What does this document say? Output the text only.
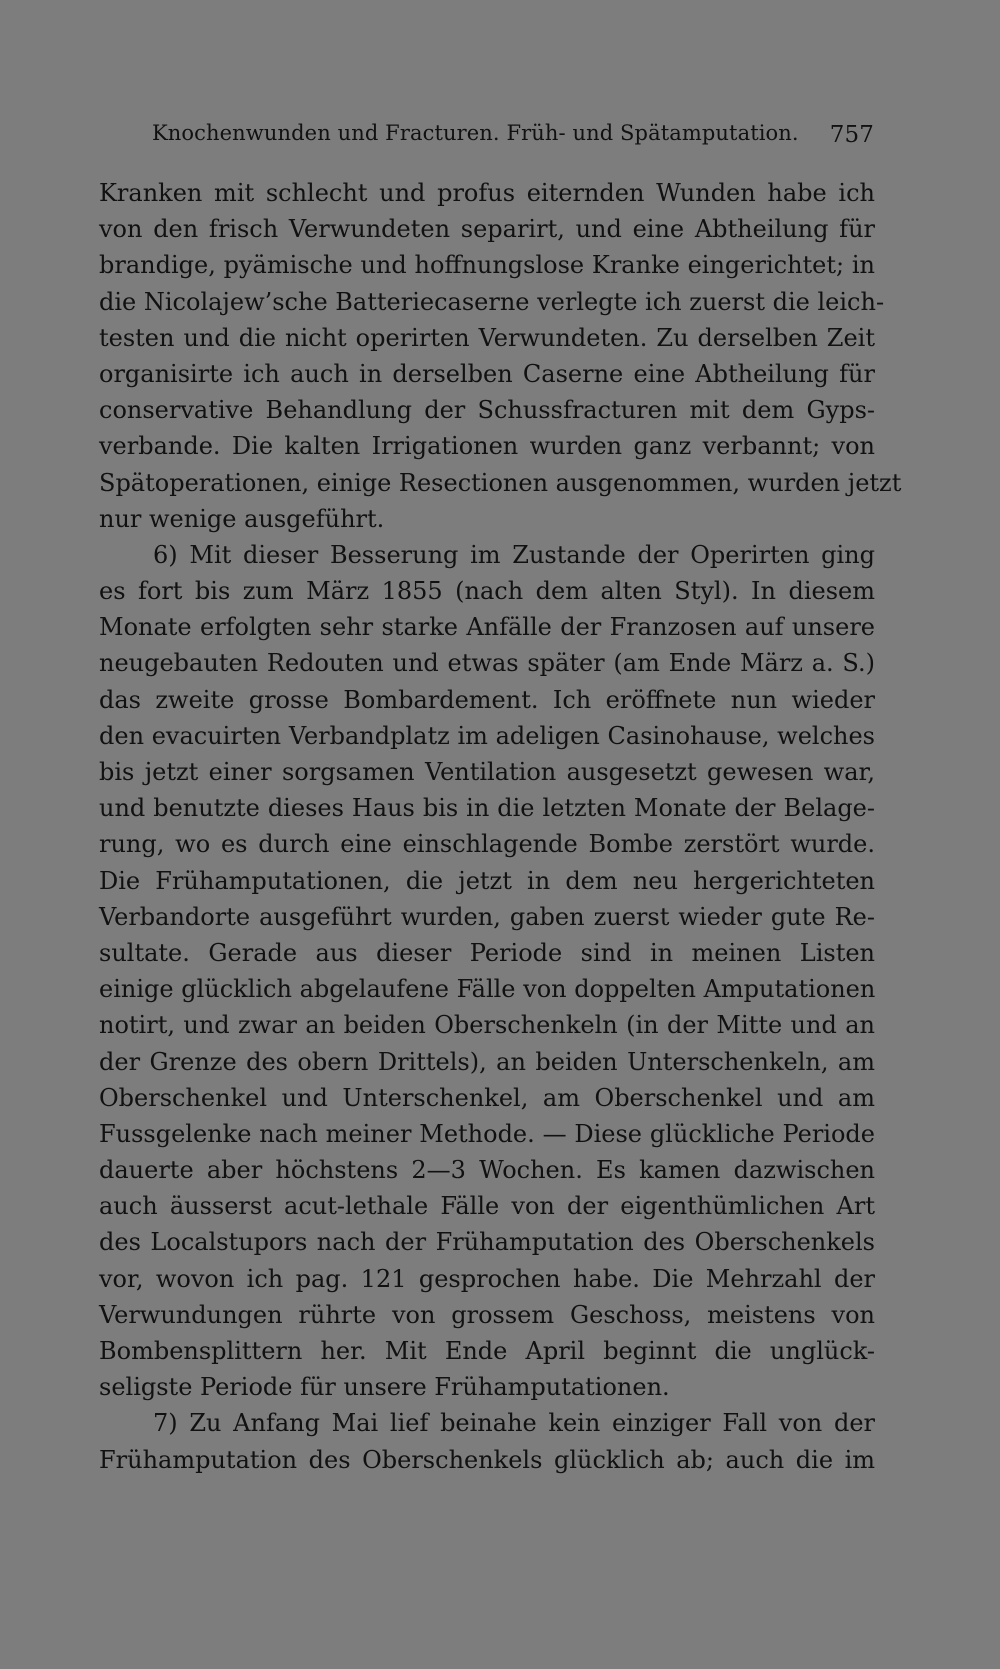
Knochenwunden und Fracturen. Früh- und Spätamputation. 757
Kranken mit schlecht und profus eiternden Wunden habe ich
von den frisch Verwundeten separirt, und eine Abtheilung für
brandige, pyämische und hoffnungslose Kranke eingerichtet; in
die Nicolajew’sche Batteriecaserne verlegte ich zuerst die leich-
testen und die nicht operirten Verwundeten. Zu derselben Zeit
organisirte ich auch in derselben Caserne eine Abtheilung für
conservative Behandlung der Schussfracturen mit dem Gyps-
verbande. Die kalten Irrigationen wurden ganz verbannt; von
Spätoperationen, einige Resectionen ausgenommen, wurden jetzt
nur wenige ausgeführt.
6) Mit dieser Besserung im Zustande der Operirten ging
es fort bis zum März 1855 (nach dem alten Styl). In diesem
Monate erfolgten sehr starke Anfälle der Franzosen auf unsere
neugebauten Redouten und etwas später (am Ende März a. S.)
das zweite grosse Bombardement. Ich eröffnete nun wieder
den evacuirten Verbandplatz im adeligen Casinohause, welches
bis jetzt einer sorgsamen Ventilation ausgesetzt gewesen war,
und benutzte dieses Haus bis in die letzten Monate der Belage-
rung, wo es durch eine einschlagende Bombe zerstört wurde.
Die Frühamputationen, die jetzt in dem neu hergerichteten
Verbandorte ausgeführt wurden, gaben zuerst wieder gute Re-
sultate. Gerade aus dieser Periode sind in meinen Listen
einige glücklich abgelaufene Fälle von doppelten Amputationen
notirt, und zwar an beiden Oberschenkeln (in der Mitte und an
der Grenze des obern Drittels), an beiden Unterschenkeln, am
Oberschenkel und Unterschenkel, am Oberschenkel und am
Fussgelenke nach meiner Methode. — Diese glückliche Periode
dauerte aber höchstens 2—3 Wochen. Es kamen dazwischen
auch äusserst acut-lethale Fälle von der eigenthümlichen Art
des Localstupors nach der Frühamputation des Oberschenkels
vor, wovon ich pag. 121 gesprochen habe. Die Mehrzahl der
Verwundungen rührte von grossem Geschoss, meistens von
Bombensplittern her. Mit Ende April beginnt die unglück-
seligste Periode für unsere Frühamputationen.
7) Zu Anfang Mai lief beinahe kein einziger Fall von der
Frühamputation des Oberschenkels glücklich ab; auch die im
